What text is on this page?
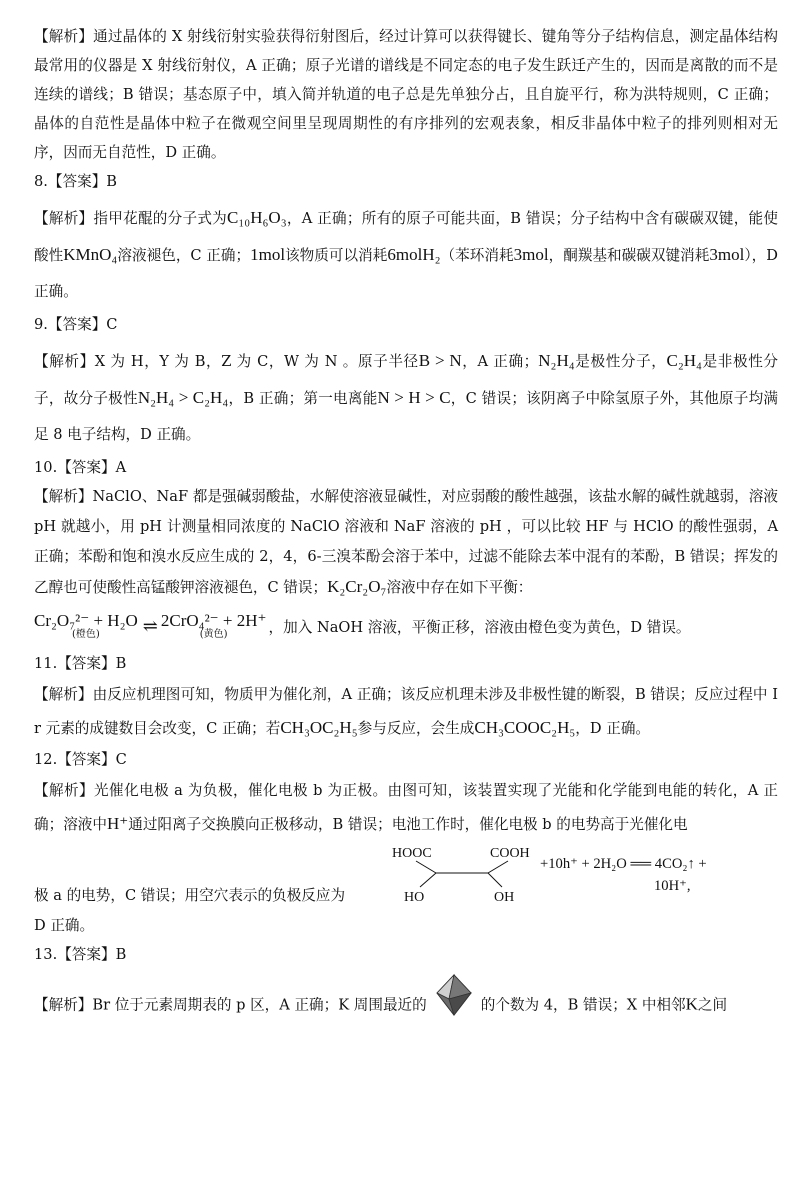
【解析】通过晶体的 X 射线衍射实验获得衍射图后，经过计算可以获得键长、键角等分子结构信息，测定晶体结构最常用的仪器是 X 射线衍射仪，A 正确；原子光谱的谱线是不同定态的电子发生跃迁产生的，因而是离散的而不是连续的谱线；B 错误；基态原子中，填入简并轨道的电子总是先单独分占，且自旋平行，称为洪特规则，C 正确；晶体的自范性是晶体中粒子在微观空间里呈现周期性的有序排列的宏观表象，相反非晶体中粒子的排列则相对无序，因而无自范性，D 正确。

8.【答案】B

【解析】指甲花醌的分子式为C₁₀H₆O₃，A 正确；所有的原子可能共面，B 错误；分子结构中含有碳碳双键，能使酸性KMnO₄溶液褪色，C 正确；1mol该物质可以消耗6molH₂（苯环消耗3mol，酮羰基和碳碳双键消耗3mol），D 正确。

9.【答案】C

【解析】X 为 H，Y 为 B，Z 为 C，W 为 N 。原子半径B > N，A 正确；N₂H₄是极性分子，C₂H₄是非极性分子，故分子极性N₂H₄ > C₂H₄，B 正确；第一电离能N > H > C，C 错误；该阴离子中除氢原子外，其他原子均满足 8 电子结构，D 正确。

10.【答案】A

【解析】NaClO、NaF 都是强碱弱酸盐，水解使溶液显碱性，对应弱酸的酸性越强，该盐水解的碱性就越弱，溶液 pH 就越小，用 pH 计测量相同浓度的 NaClO 溶液和 NaF 溶液的 pH ，可以比较 HF 与 HClO 的酸性强弱，A 正确；苯酚和饱和溴水反应生成的 2，4，6-三溴苯酚会溶于苯中，过滤不能除去苯中混有的苯酚，B 错误；挥发的乙醇也可使酸性高锰酸钾溶液褪色，C 错误；K₂Cr₂O₇溶液中存在如下平衡：

Cr₂O₇²⁻ + H₂O
(橙色) ⇌ 2CrO₄²⁻ + 2H⁺
(黄色)	，加入 NaOH 溶液，平衡正移，溶液由橙色变为黄色，D 错误。

11.【答案】B

【解析】由反应机理图可知，物质甲为催化剂，A 正确；该反应机理未涉及非极性键的断裂，B 错误；反应过程中 Ir 元素的成键数目会改变，C 正确；若CH₃OC₂H₅参与反应，会生成CH₃COOC₂H₅，D 正确。

12.【答案】C

【解析】光催化电极 a 为负极，催化电极 b 为正极。由图可知，该装置实现了光能和化学能到电能的转化，A 正确；溶液中H⁺通过阳离子交换膜向正极移动，B 错误；电池工作时，催化电极 b 的电势高于光催化电

极 a 的电势，C 错误；用空穴表示的负极反应为
HOOC	COOH
HO	OH
+10h⁺ + 2H₂O ══ 4CO₂↑ +
10H⁺,

D 正确。

13.【答案】B

【解析】Br 位于元素周期表的 p 区，A 正确；K 周围最近的	的个数为 4，B 错误；X 中相邻K之间
